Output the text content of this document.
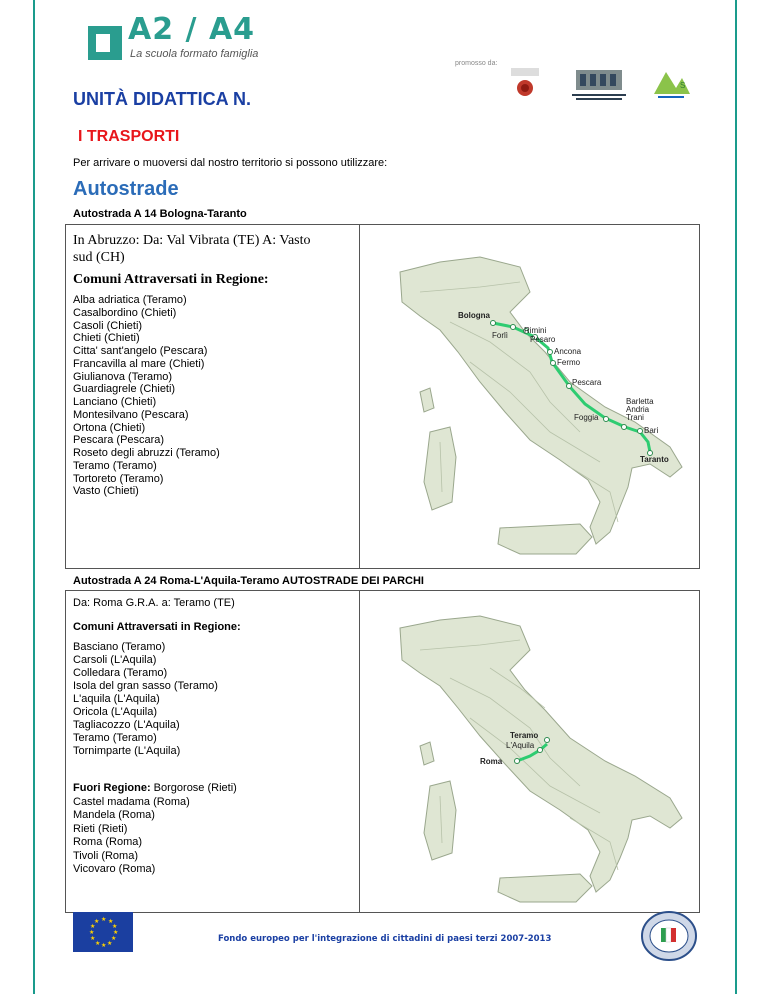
A2 / A4
La scuola formato famiglia
promosso da:
S
UNITÀ DIDATTICA N.
I TRASPORTI
Per arrivare o muoversi dal nostro territorio si possono utilizzare:
Autostrade
Autostrada A 14 Bologna-Taranto
In Abruzzo: Da: Val Vibrata (TE) A: Vasto
sud (CH)
Comuni Attraversati in Regione:
Alba adriatica (Teramo)
Casalbordino (Chieti)
Casoli (Chieti)
Chieti (Chieti)
Citta' sant'angelo (Pescara)
Francavilla al mare (Chieti)
Giulianova (Teramo)
Guardiagrele (Chieti)
Lanciano (Chieti)
Montesilvano (Pescara)
Ortona (Chieti)
Pescara (Pescara)
Roseto degli abruzzi (Teramo)
Teramo (Teramo)
Tortoreto (Teramo)
Vasto (Chieti)
Bologna
Forlì
Rimini
Pesaro
Ancona
Fermo
Pescara
Foggia
Barletta
Andria
Trani
Bari
Taranto
Autostrada A 24 Roma-L'Aquila-Teramo AUTOSTRADE DEI PARCHI
Da: Roma G.R.A. a: Teramo (TE)
Comuni Attraversati in Regione:
Basciano (Teramo)
Carsoli (L'Aquila)
Colledara (Teramo)
Isola del gran sasso (Teramo)
L'aquila (L'Aquila)
Oricola (L'Aquila)
Tagliacozzo (L'Aquila)
Teramo (Teramo)
Tornimparte (L'Aquila)
Fuori Regione: Borgorose (Rieti)
Castel madama (Roma)
Mandela (Roma)
Rieti (Rieti)
Roma (Roma)
Tivoli (Roma)
Vicovaro (Roma)
Teramo
L'Aquila
Roma
★ ★
★
★
★
★
★
★
★
★
★
★
Fondo europeo per l'integrazione di cittadini di paesi terzi 2007-2013
